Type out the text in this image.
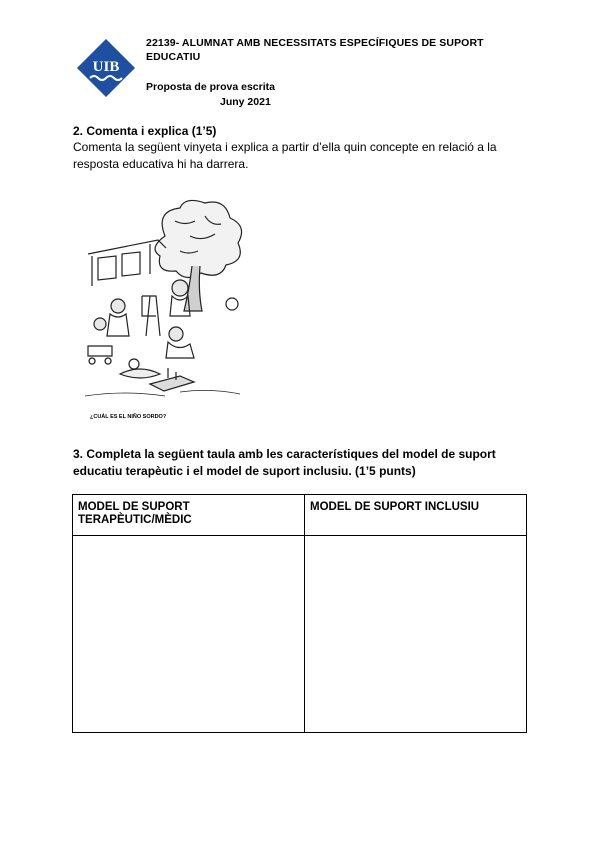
UIB
22139- ALUMNAT AMB NECESSITATS ESPECÍFIQUES DE SUPORT EDUCATIU
Proposta de prova escrita
Juny 2021
2. Comenta i explica (1’5)
Comenta la següent vinyeta i explica a partir d’ella quin concepte en relació a la resposta educativa hi ha darrera.
¿CUÁL ES EL NIÑO SORDO?
3. Completa la següent taula amb les característiques del model de suport educatiu terapèutic i el model de suport inclusiu. (1’5 punts)
MODEL DE SUPORT TERAPÈUTIC/MÈDIC	MODEL DE SUPORT INCLUSIU
